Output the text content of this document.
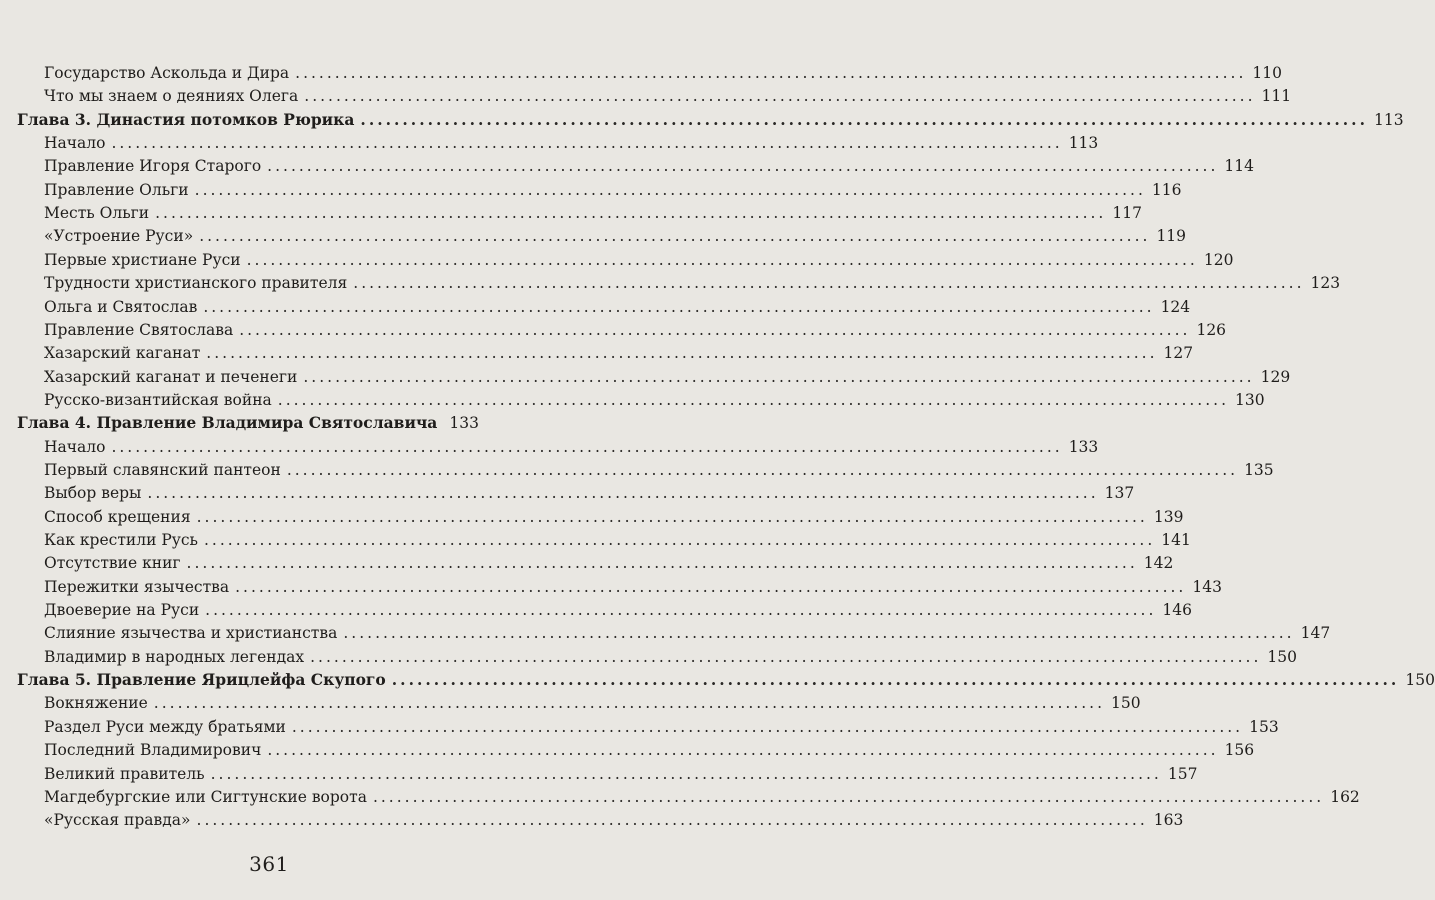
Государство Аскольда и Дира ........................................................................................................................ 110
Что мы знаем о деяниях Олега ........................................................................................................................ 111
Глава 3. Династия потомков Рюрика ........................................................................................................................ 113
Начало ........................................................................................................................ 113
Правление Игоря Старого ........................................................................................................................ 114
Правление Ольги ........................................................................................................................ 116
Месть Ольги ........................................................................................................................ 117
«Устроение Руси» ........................................................................................................................ 119
Первые христиане Руси ........................................................................................................................ 120
Трудности христианского правителя ........................................................................................................................ 123
Ольга и Святослав ........................................................................................................................ 124
Правление Святослава ........................................................................................................................ 126
Хазарский каганат ........................................................................................................................ 127
Хазарский каганат и печенеги ........................................................................................................................ 129
Русско-византийская война ........................................................................................................................ 130
Глава 4. Правление Владимира Святославича 133
Начало ........................................................................................................................ 133
Первый славянский пантеон ........................................................................................................................ 135
Выбор веры ........................................................................................................................ 137
Способ крещения ........................................................................................................................ 139
Как крестили Русь ........................................................................................................................ 141
Отсутствие книг ........................................................................................................................ 142
Пережитки язычества ........................................................................................................................ 143
Двоеверие на Руси ........................................................................................................................ 146
Слияние язычества и христианства ........................................................................................................................ 147
Владимир в народных легендах ........................................................................................................................ 150
Глава 5. Правление Ярицлейфа Скупого ........................................................................................................................ 150
Вокняжение ........................................................................................................................ 150
Раздел Руси между братьями ........................................................................................................................ 153
Последний Владимирович ........................................................................................................................ 156
Великий правитель ........................................................................................................................ 157
Магдебургские или Сигтунские ворота ........................................................................................................................ 162
«Русская правда» ........................................................................................................................ 163
361
